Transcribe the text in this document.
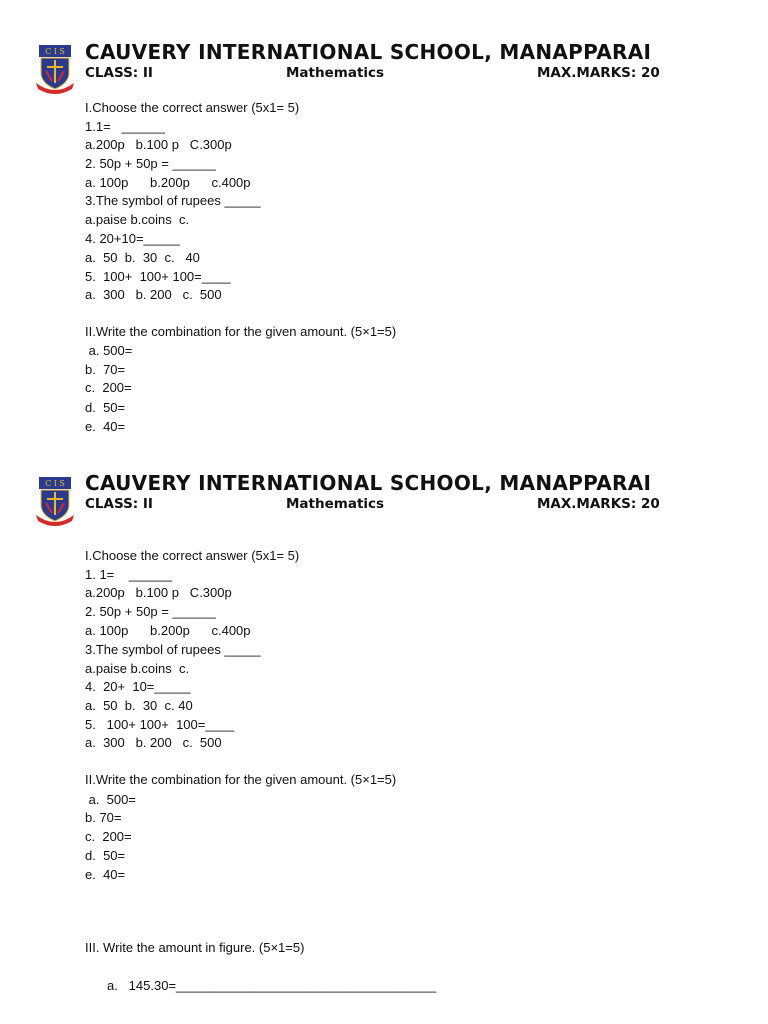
C I S CAUVERY INTERNATIONAL SCHOOL, MANAPPARAI
CLASS: II	Mathematics	MAX.MARKS: 20
I.Choose the correct answer (5x1= 5)
1.1=   ______
a.200p   b.100 p   C.300p
2. 50p + 50p = ______
a. 100p      b.200p      c.400p
3.The symbol of rupees _____
a.paise b.coins  c.
4. 20+10=_____
a.  50  b.  30  c.   40
5.  100+  100+ 100=____
a.  300   b. 200   c.  500
II.Write the combination for the given amount. (5×1=5)
a. 500=
b.  70=
c.  200=
d.  50=
e.  40=
C I S CAUVERY INTERNATIONAL SCHOOL, MANAPPARAI
CLASS: II	Mathematics	MAX.MARKS: 20
I.Choose the correct answer (5x1= 5)
1. 1=    ______
a.200p   b.100 p   C.300p
2. 50p + 50p = ______
a. 100p      b.200p      c.400p
3.The symbol of rupees _____
a.paise b.coins  c.
4.  20+  10=_____
a.  50  b.  30  c. 40
5.   100+ 100+  100=____
a.  300   b. 200   c.  500
II.Write the combination for the given amount. (5×1=5)
a.  500=
b. 70=
c.  200=
d.  50=
e.  40=
III. Write the amount in figure. (5×1=5)
a.   145.30=____________________________________
